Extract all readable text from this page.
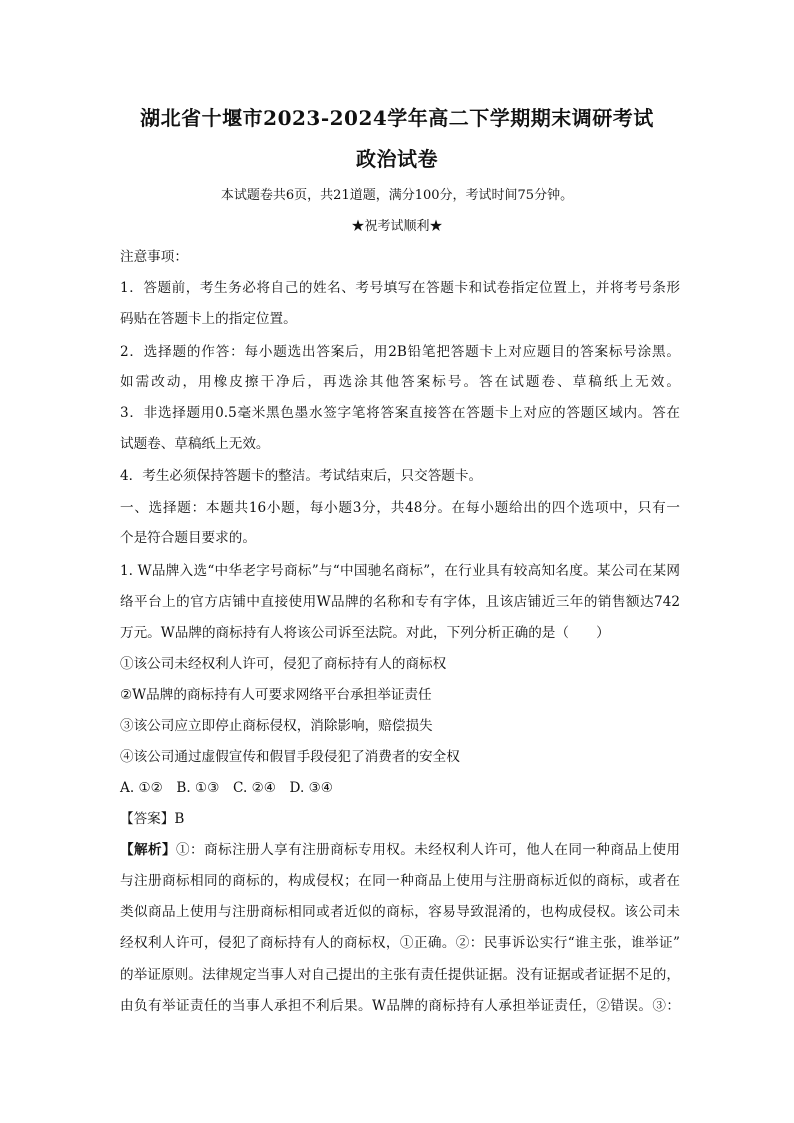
湖北省十堰市2023-2024学年高二下学期期末调研考试
政治试卷
本试题卷共6页，共21道题，满分100分，考试时间75分钟。
★祝考试顺利★
注意事项：
1．答题前，考生务必将自己的姓名、考号填写在答题卡和试卷指定位置上，并将考号条形
码贴在答题卡上的指定位置。
2．选择题的作答：每小题选出答案后，用2B铅笔把答题卡上对应题目的答案标号涂黑。
如需改动，用橡皮擦干净后，再选涂其他答案标号。答在试题卷、草稿纸上无效。
3．非选择题用0.5毫米黑色墨水签字笔将答案直接答在答题卡上对应的答题区域内。答在
试题卷、草稿纸上无效。
4．考生必须保持答题卡的整洁。考试结束后，只交答题卡。
一、选择题：本题共16小题，每小题3分，共48分。在每小题给出的四个选项中，只有一
个是符合题目要求的。
1. W品牌入选“中华老字号商标”与“中国驰名商标”，在行业具有较高知名度。某公司在某网
络平台上的官方店铺中直接使用W品牌的名称和专有字体，且该店铺近三年的销售额达742
万元。W品牌的商标持有人将该公司诉至法院。对此，下列分析正确的是（　　）
①该公司未经权利人许可，侵犯了商标持有人的商标权
②W品牌的商标持有人可要求网络平台承担举证责任
③该公司应立即停止商标侵权，消除影响，赔偿损失
④该公司通过虚假宣传和假冒手段侵犯了消费者的安全权
A. ①②　B. ①③　C. ②④　D. ③④
【答案】B
【解析】①：商标注册人享有注册商标专用权。未经权利人许可，他人在同一种商品上使用
与注册商标相同的商标的，构成侵权；在同一种商品上使用与注册商标近似的商标，或者在
类似商品上使用与注册商标相同或者近似的商标，容易导致混淆的，也构成侵权。该公司未
经权利人许可，侵犯了商标持有人的商标权，①正确。②：民事诉讼实行“谁主张，谁举证”
的举证原则。法律规定当事人对自己提出的主张有责任提供证据。没有证据或者证据不足的，
由负有举证责任的当事人承担不利后果。W品牌的商标持有人承担举证责任，②错误。③：
